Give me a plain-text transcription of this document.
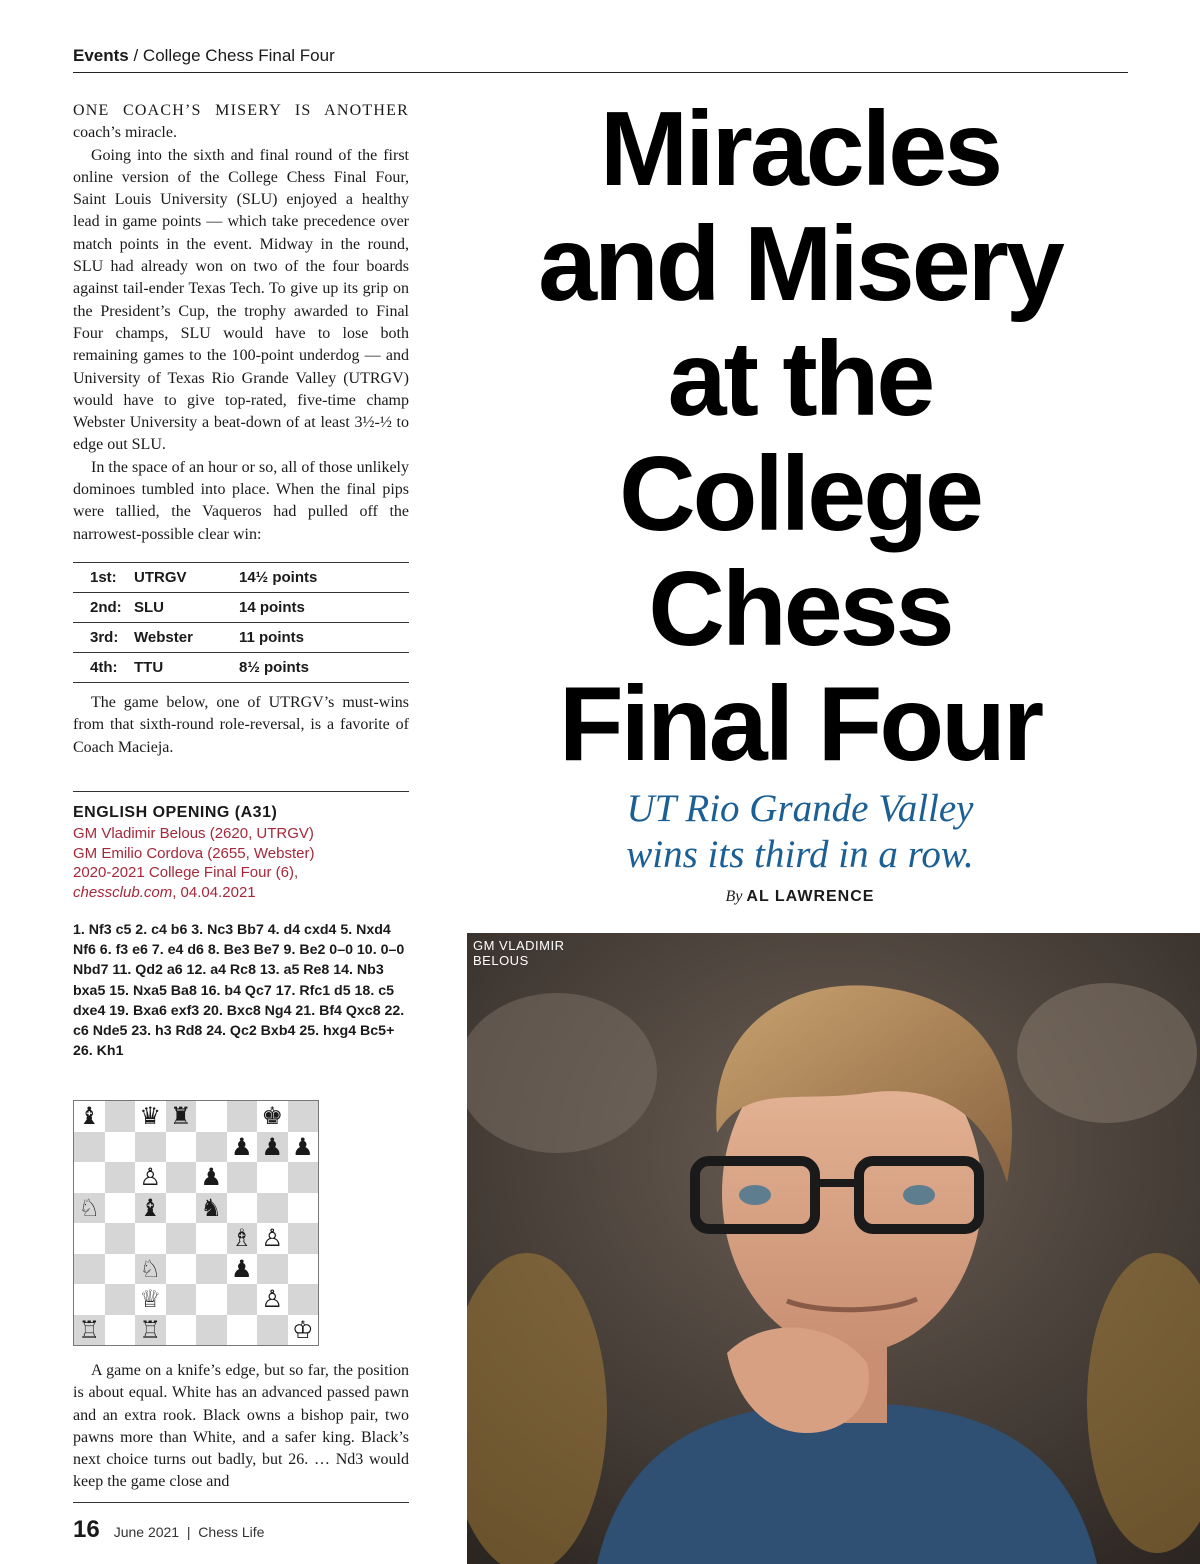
Events / College Chess Final Four

ONE COACH’S MISERY IS ANOTHER coach’s miracle.

Going into the sixth and final round of the first online version of the College Chess Final Four, Saint Louis University (SLU) enjoyed a healthy lead in game points — which take precedence over match points in the event. Midway in the round, SLU had already won on two of the four boards against tail-ender Texas Tech. To give up its grip on the President’s Cup, the trophy awarded to Final Four champs, SLU would have to lose both remaining games to the 100-point underdog — and University of Texas Rio Grande Valley (UTRGV) would have to give top-rated, five-time champ Webster University a beat-down of at least 3½-½ to edge out SLU.

In the space of an hour or so, all of those unlikely dominoes tumbled into place. When the final pips were tallied, the Vaqueros had pulled off the narrowest-possible clear win:

1st:	UTRGV	14½ points
2nd: SLU	14 points
3rd:	Webster	11 points
4th:	TTU	8½ points

The game below, one of UTRGV’s must-wins from that sixth-round role-reversal, is a favorite of Coach Macieja.

ENGLISH OPENING (A31)
GM Vladimir Belous (2620, UTRGV)
GM Emilio Cordova (2655, Webster)
2020-2021 College Final Four (6),
chessclub.com, 04.04.2021
1. Nf3 c5 2. c4 b6 3. Nc3 Bb7 4. d4 cxd4 5. Nxd4 Nf6 6. f3 e6 7. e4 d6 8. Be3 Be7 9. Be2 0–0 10. 0–0 Nbd7 11. Qd2 a6 12. a4 Rc8 13. a5 Re8 14. Nb3 bxa5 15. Nxa5 Ba8 16. b4 Qc7 17. Rfc1 d5 18. c5 dxe4 19. Bxa6 exf3 20. Bxc8 Ng4 21. Bf4 Qxc8 22. c6 Nde5 23. h3 Rd8 24. Qc2 Bxb4 25. hxg4 Bc5+ 26. Kh1
♝ ♛ ♜	♚
♟ ♟ ♟
♙ ♟
♘ ♝ ♞
♗ ♙
♘	♟
♕	♙
♖ ♖	♔

A game on a knife’s edge, but so far, the position is about equal. White has an advanced passed pawn and an extra rook. Black owns a bishop pair, two pawns more than White, and a safer king. Black’s next choice turns out badly, but 26. … Nd3 would keep the game close and

16 June 2021  |  Chess Life
Miracles
and Misery
at the
College
Chess
Final Four
UT Rio Grande Valley
wins its third in a row.
By AL LAWRENCE
GM VLADIMIR
BELOUS
